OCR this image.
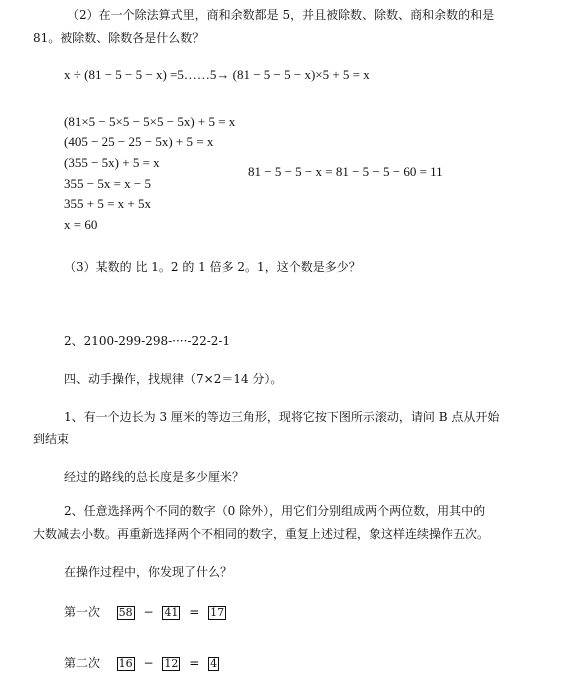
（2）在一个除法算式里，商和余数都是 5，并且被除数、除数、商和余数的和是
81。被除数、除数各是什么数？
x ÷ (81 − 5 − 5 − x) =5……5→ (81 − 5 − 5 − x)×5 + 5 = x
(81×5 − 5×5 − 5×5 − 5x) + 5 = x
(405 − 25 − 25 − 5x) + 5 = x
(355 − 5x) + 5 = x
355 − 5x = x − 5
355 + 5 = x + 5x
x = 60
81 − 5 − 5 − x = 81 − 5 − 5 − 60 = 11
（3）某数的 比 1。2 的 1 倍多 2。1，这个数是多少？
2、2100-299-298-····-22-2-1
四、动手操作，找规律（7×2＝14 分）。
1、有一个边长为 3 厘米的等边三角形，现将它按下图所示滚动，请问 B 点从开始
到结束
经过的路线的总长度是多少厘米？
2、任意选择两个不同的数字（0 除外），用它们分别组成两个两位数，用其中的
大数减去小数。再重新选择两个不相同的数字，重复上述过程，象这样连续操作五次。
在操作过程中，你发现了什么？
第一次 58 − 41 = 17
第二次 16 − 12 = 4
